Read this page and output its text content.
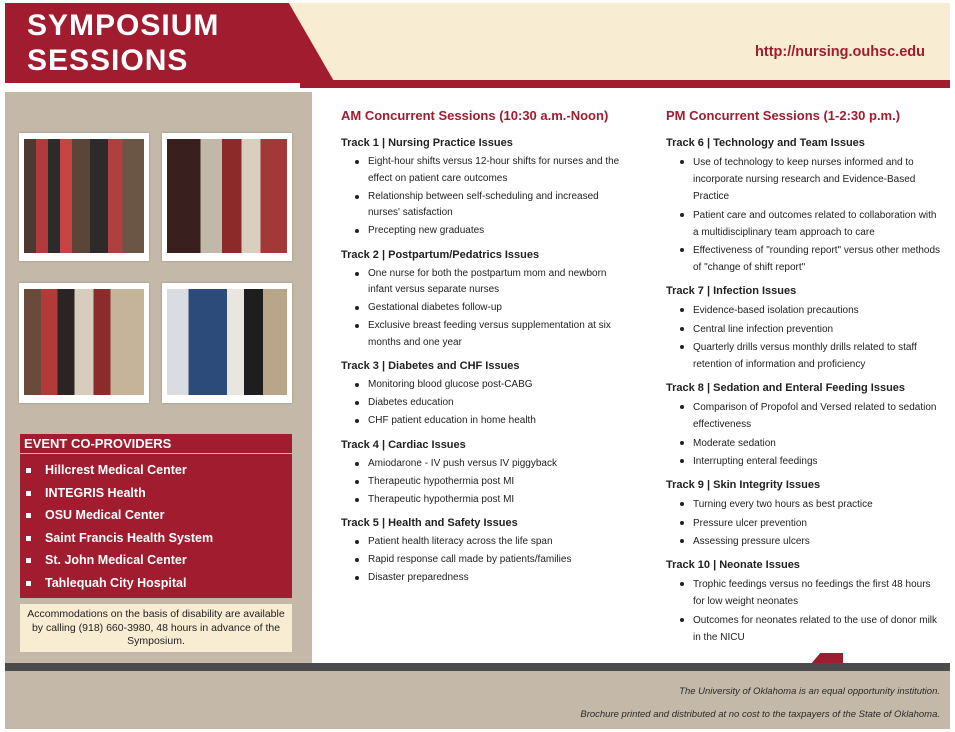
SYMPOSIUM
SESSIONS	http://nursing.ouhsc.edu
EVENT CO-PROVIDERS
Hillcrest Medical Center
INTEGRIS Health
OSU Medical Center
Saint Francis Health System
St. John Medical Center
Tahlequah City Hospital
Accommodations on the basis of disability are available by calling (918) 660-3980, 48 hours in advance of the Symposium.
AM Concurrent Sessions (10:30 a.m.-Noon)
Track 1 | Nursing Practice Issues
Eight-hour shifts versus 12-hour shifts for nurses and the effect on patient care outcomes
Relationship between self-scheduling and increased nurses' satisfaction
Precepting new graduates
Track 2 | Postpartum/Pedatrics Issues
One nurse for both the postpartum mom and newborn infant versus separate nurses
Gestational diabetes follow-up
Exclusive breast feeding versus supplementation at six months and one year
Track 3 | Diabetes and CHF Issues
Monitoring blood glucose post-CABG
Diabetes education
CHF patient education in home health
Track 4 | Cardiac Issues
Amiodarone - IV push versus IV piggyback
Therapeutic hypothermia post MI
Therapeutic hypothermia post MI
Track 5 | Health and Safety Issues
Patient health literacy across the life span
Rapid response call made by patients/families
Disaster preparedness
PM Concurrent Sessions (1-2:30 p.m.)
Track 6 | Technology and Team Issues
Use of technology to keep nurses informed and to incorporate nursing research and Evidence-Based Practice
Patient care and outcomes related to collaboration with a multidisciplinary team approach to care
Effectiveness of "rounding report" versus other methods of "change of shift report"
Track 7 | Infection Issues
Evidence-based isolation precautions
Central line infection prevention
Quarterly drills versus monthly drills related to staff retention of information and proficiency
Track 8 | Sedation and Enteral Feeding Issues
Comparison of Propofol and Versed related to sedation effectiveness
Moderate sedation
Interrupting enteral feedings
Track 9 | Skin Integrity Issues
Turning every two hours as best practice
Pressure ulcer prevention
Assessing pressure ulcers
Track 10 | Neonate Issues
Trophic feedings versus no feedings the first 48 hours for low weight neonates
Outcomes for neonates related to the use of donor milk in the NICU

The University of Oklahoma is an equal opportunity institution.

Brochure printed and distributed at no cost to the taxpayers of the State of Oklahoma.
